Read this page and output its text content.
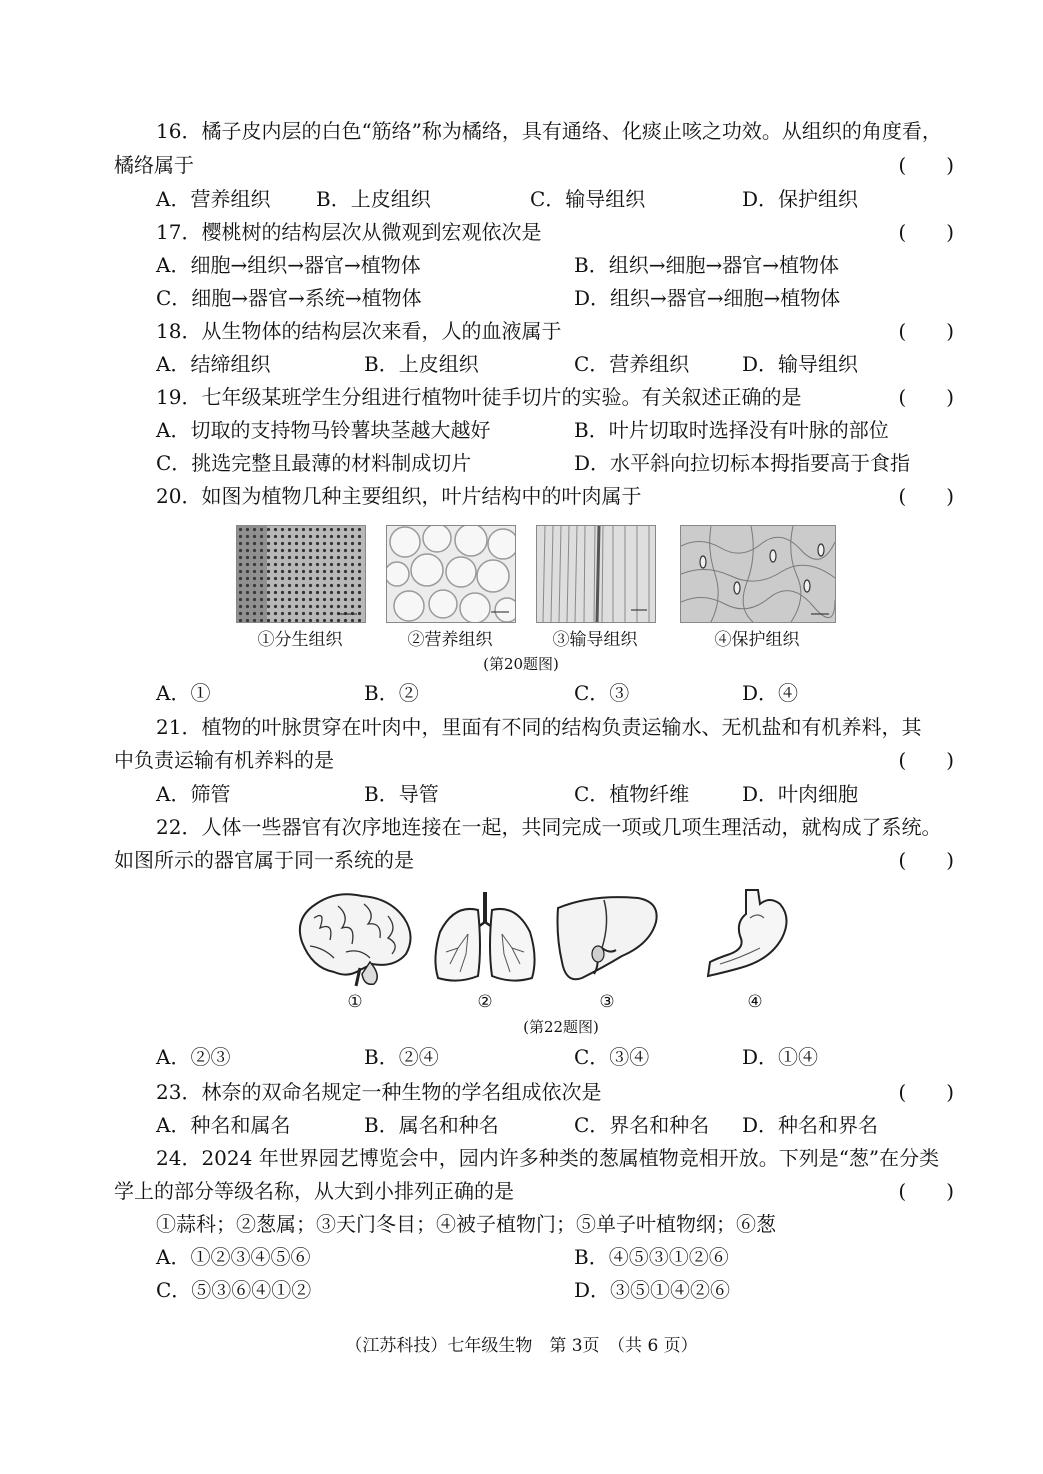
16．橘子皮内层的白色“筋络”称为橘络，具有通络、化痰止咳之功效。从组织的角度看，
橘络属于	(　　)
A．营养组织 B．上皮组织	C．输导组织	D．保护组织
17．樱桃树的结构层次从微观到宏观依次是	(　　)
A．细胞→组织→器官→植物体	B．组织→细胞→器官→植物体
C．细胞→器官→系统→植物体	D．组织→器官→细胞→植物体
18．从生物体的结构层次来看，人的血液属于	(　　)
A．结缔组织	B．上皮组织	C．营养组织	D．输导组织
19．七年级某班学生分组进行植物叶徒手切片的实验。有关叙述正确的是	(　　)
A．切取的支持物马铃薯块茎越大越好	B．叶片切取时选择没有叶脉的部位
C．挑选完整且最薄的材料制成切片	D．水平斜向拉切标本拇指要高于食指
20．如图为植物几种主要组织，叶片结构中的叶肉属于	(　　)
①分生组织	②营养组织	③输导组织	④保护组织
(第20题图)
A．①	B．②	C．③	D．④
21．植物的叶脉贯穿在叶肉中，里面有不同的结构负责运输水、无机盐和有机养料，其
中负责运输有机养料的是	(　　)
A．筛管	B．导管	C．植物纤维	D．叶肉细胞
22．人体一些器官有次序地连接在一起，共同完成一项或几项生理活动，就构成了系统。
如图所示的器官属于同一系统的是	(　　)
①	②	③	④
(第22题图)
A．②③	B．②④	C．③④	D．①④
23．林奈的双命名规定一种生物的学名组成依次是	(　　)
A．种名和属名	B．属名和种名	C．界名和种名 D．种名和界名
24．2024 年世界园艺博览会中，园内许多种类的葱属植物竞相开放。下列是“葱”在分类
学上的部分等级名称，从大到小排列正确的是	(　　)
①蒜科；②葱属；③天门冬目；④被子植物门；⑤单子叶植物纲；⑥葱
A．①②③④⑤⑥	B．④⑤③①②⑥
C．⑤③⑥④①②	D．③⑤①④②⑥
（江苏科技）七年级生物　第 3页　（共 6 页）
